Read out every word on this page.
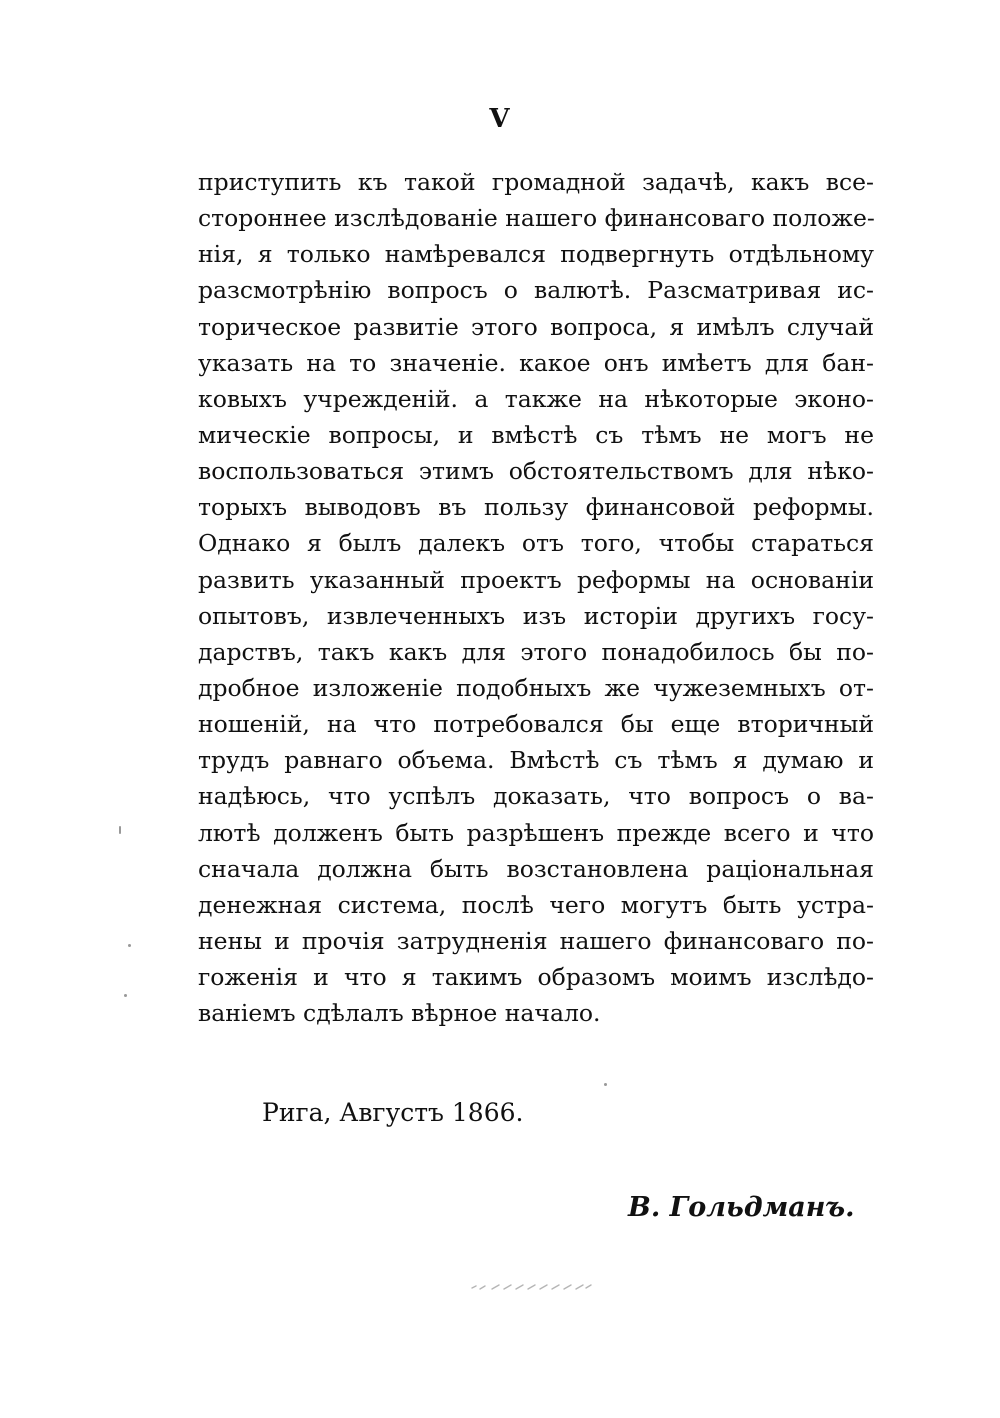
V
приступить къ такой громадной задачѣ, какъ все-
стороннее изслѣдованіе нашего финансоваго положе-
нія, я только намѣревался подвергнуть отдѣльному
разсмотрѣнію вопросъ о валютѣ. Разсматривая ис-
торическое развитіе этого вопроса, я имѣлъ случай
указать на то значеніе. какое онъ имѣетъ для бан-
ковыхъ учрежденій. а также на нѣкоторые эконо-
мическіе вопросы, и вмѣстѣ съ тѣмъ не могъ не
воспользоваться этимъ обстоятельствомъ для нѣко-
торыхъ выводовъ въ пользу финансовой реформы.
Однако я былъ далекъ отъ того, чтобы стараться
развить указанный проектъ реформы на основаніи
опытовъ, извлеченныхъ изъ исторіи другихъ госу-
дарствъ, такъ какъ для этого понадобилось бы по-
дробное изложеніе подобныхъ же чужеземныхъ от-
ношеній, на что потребовался бы еще вторичный
трудъ равнаго объема. Вмѣстѣ съ тѣмъ я думаю и
надѣюсь, что успѣлъ доказать, что вопросъ о ва-
лютѣ долженъ быть разрѣшенъ прежде всего и что
сначала должна быть возстановлена раціональная
денежная система, послѣ чего могутъ быть устра-
нены и прочія затрудненія нашего финансоваго по-
гоженія и что я такимъ образомъ моимъ изслѣдо-
ваніемъ сдѣлалъ вѣрное начало.
Рига, Августъ 1866.
В. Гольдманъ.
